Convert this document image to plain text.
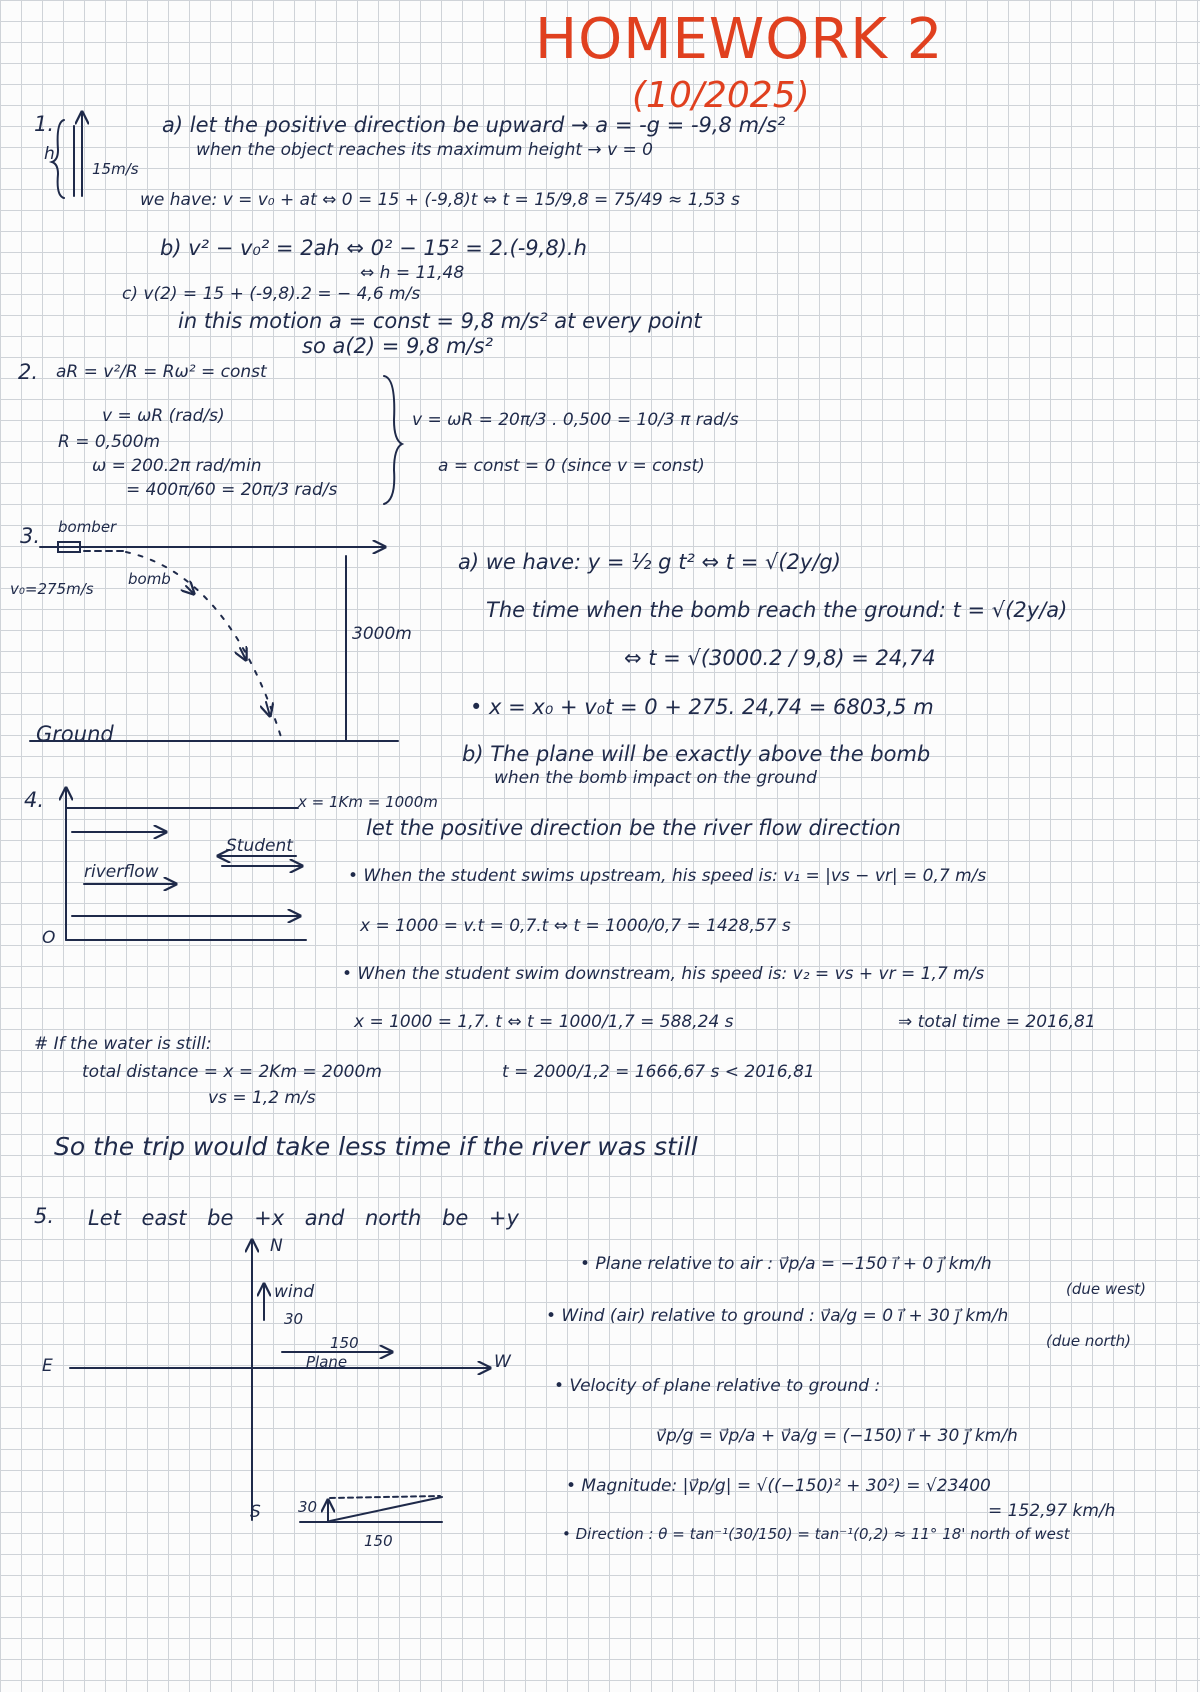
HOMEWORK 2
(10/2025)
1.
h
15m/s
a) let the positive direction be upward → a = -g = -9,8 m/s²
when the object reaches its maximum height → v = 0
we have: v = v₀ + at ⇔ 0 = 15 + (-9,8)t ⇔ t = 15/9,8 = 75/49 ≈ 1,53 s
b) v² − v₀² = 2ah ⇔ 0² − 15² = 2.(-9,8).h
⇔ h = 11,48
c) v(2) = 15 + (-9,8).2 = − 4,6 m/s
in this motion a = const = 9,8 m/s² at every point
so a(2) = 9,8 m/s²
2. aR = v²/R = Rω² = const
v = ωR (rad/s)
R = 0,500m
ω = 200.2π rad/min
= 400π/60 = 20π/3 rad/s
v = ωR = 20π/3 . 0,500 = 10/3 π rad/s
a = const = 0 (since v = const)
3. bomber
v₀=275m/s
bomb
3000m
Ground
a) we have: y = ½ g t² ⇔ t = √(2y/g)
The time when the bomb reach the ground: t = √(2y/a)
⇔ t = √(3000.2 / 9,8) = 24,74
• x = x₀ + v₀t = 0 + 275. 24,74 = 6803,5 m
b) The plane will be exactly above the bomb
when the bomb impact on the ground
4.	x = 1Km = 1000m
Student
riverflow
O
let the positive direction be the river flow direction
• When the student swims upstream, his speed is: v₁ = |vs − vr| = 0,7 m/s
x = 1000 = v.t = 0,7.t ⇔ t = 1000/0,7 = 1428,57 s
• When the student swim downstream, his speed is: v₂ = vs + vr = 1,7 m/s
x = 1000 = 1,7. t ⇔ t = 1000/1,7 = 588,24 s	⇒ total time = 2016,81
# If the water is still:
total distance = x = 2Km = 2000m
vs = 1,2 m/s
t = 2000/1,2 = 1666,67 s < 2016,81
So the trip would take less time if the river was still
5. Let east be +x and north be +y
N
E	W
S
wind
30
150
Plane
30
150
• Plane relative to air : v⃗p/a = −150 i⃗ + 0 j⃗ km/h
(due west)
• Wind (air) relative to ground : v⃗a/g = 0 i⃗ + 30 j⃗ km/h
(due north)
• Velocity of plane relative to ground :
v⃗p/g = v⃗p/a + v⃗a/g = (−150) i⃗ + 30 j⃗ km/h
• Magnitude: |v⃗p/g| = √((−150)² + 30²) = √23400
= 152,97 km/h
• Direction : θ = tan⁻¹(30/150) = tan⁻¹(0,2) ≈ 11° 18' north of west
